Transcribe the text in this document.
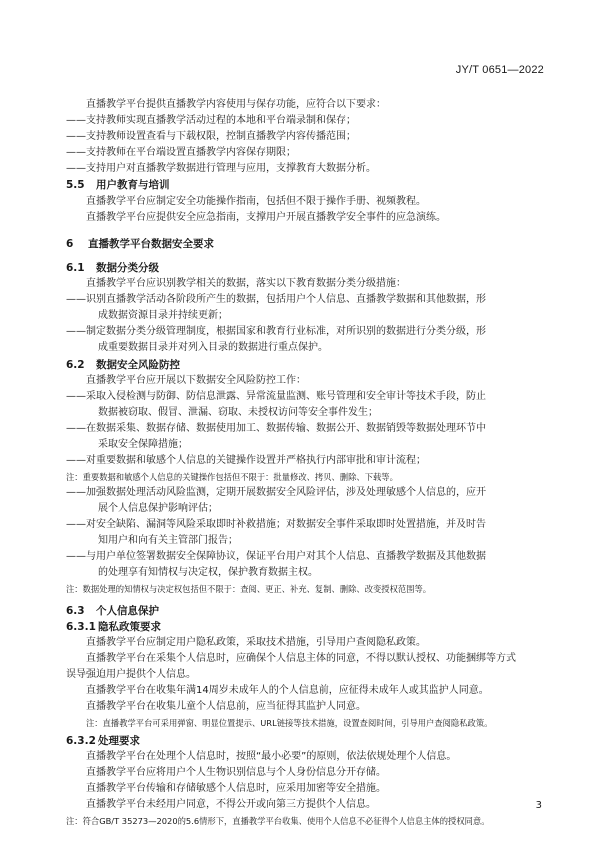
JY/T 0651—2022
直播教学平台提供直播教学内容使用与保存功能，应符合以下要求：
——支持教师实现直播教学活动过程的本地和平台端录制和保存；
——支持教师设置查看与下载权限，控制直播教学内容传播范围；
——支持教师在平台端设置直播教学内容保存期限；
——支持用户对直播教学数据进行管理与应用，支撑教育大数据分析。
5.5 用户教育与培训
直播教学平台应制定安全功能操作指南，包括但不限于操作手册、视频教程。
直播教学平台应提供安全应急指南，支撑用户开展直播教学安全事件的应急演练。
6 直播教学平台数据安全要求
6.1 数据分类分级
直播教学平台应识别教学相关的数据，落实以下教育数据分类分级措施：
——识别直播教学活动各阶段所产生的数据，包括用户个人信息、直播教学数据和其他数据，形
成数据资源目录并持续更新；
——制定数据分类分级管理制度，根据国家和教育行业标准，对所识别的数据进行分类分级，形
成重要数据目录并对列入目录的数据进行重点保护。
6.2 数据安全风险防控
直播教学平台应开展以下数据安全风险防控工作：
——采取入侵检测与防御、防信息泄露、异常流量监测、账号管理和安全审计等技术手段，防止
数据被窃取、假冒、泄漏、窃取、未授权访问等安全事件发生；
——在数据采集、数据存储、数据使用加工、数据传输、数据公开、数据销毁等数据处理环节中
采取安全保障措施；
——对重要数据和敏感个人信息的关键操作设置并严格执行内部审批和审计流程；
注：重要数据和敏感个人信息的关键操作包括但不限于：批量修改、拷贝、删除、下载等。
——加强数据处理活动风险监测，定期开展数据安全风险评估，涉及处理敏感个人信息的，应开
展个人信息保护影响评估；
——对安全缺陷、漏洞等风险采取即时补救措施；对数据安全事件采取即时处置措施，并及时告
知用户和向有关主管部门报告；
——与用户单位签署数据安全保障协议，保证平台用户对其个人信息、直播教学数据及其他数据
的处理享有知情权与决定权，保护教育数据主权。
注：数据处理的知情权与决定权包括但不限于：查阅、更正、补充、复制、删除、改变授权范围等。
6.3 个人信息保护
6.3.1 隐私政策要求
直播教学平台应制定用户隐私政策，采取技术措施，引导用户查阅隐私政策。
直播教学平台在采集个人信息时，应确保个人信息主体的同意，不得以默认授权、功能捆绑等方式
误导强迫用户提供个人信息。
直播教学平台在收集年满14周岁未成年人的个人信息前，应征得未成年人或其监护人同意。
直播教学平台在收集儿童个人信息前，应当征得其监护人同意。
注：直播教学平台可采用弹窗、明显位置提示、URL链接等技术措施，设置查阅时间，引导用户查阅隐私政策。
6.3.2 处理要求
直播教学平台在处理个人信息时，按照“最小必要”的原则，依法依规处理个人信息。
直播教学平台应将用户个人生物识别信息与个人身份信息分开存储。
直播教学平台传输和存储敏感个人信息时，应采用加密等安全措施。
直播教学平台未经用户同意，不得公开或向第三方提供个人信息。
注：符合GB/T 35273—2020的5.6情形下，直播教学平台收集、使用个人信息不必征得个人信息主体的授权同意。
3
